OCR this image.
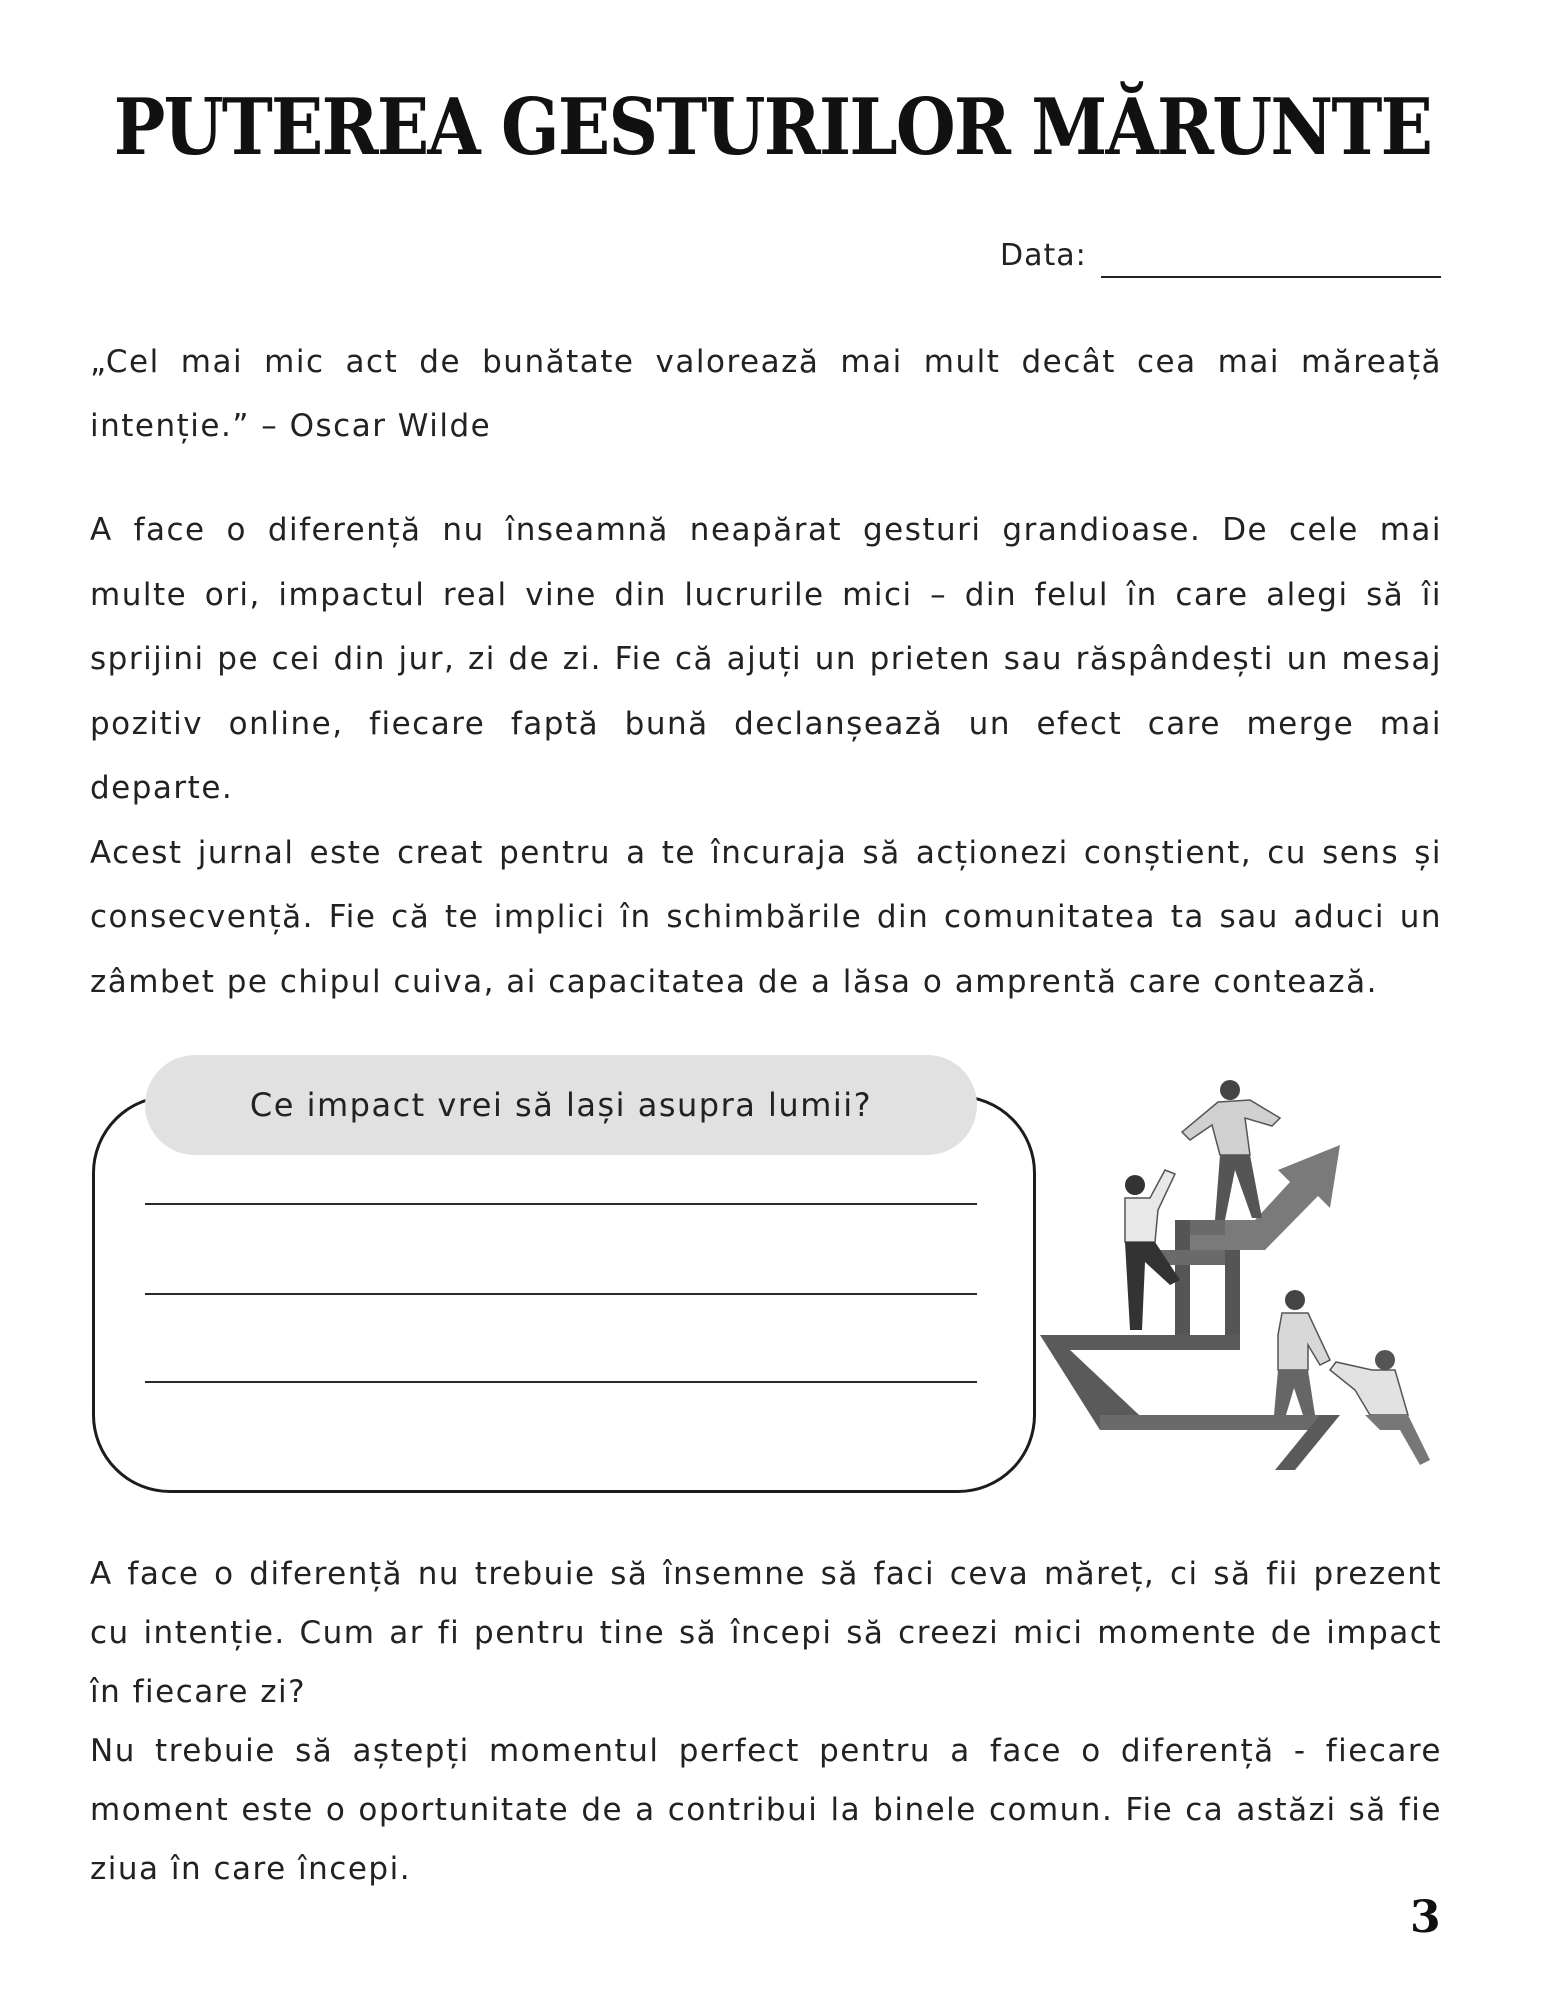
PUTEREA GESTURILOR MĂRUNTE
Data:
„Cel mai mic act de bunătate valorează mai mult decât cea mai măreață intenție.” – Oscar Wilde
A face o diferență nu înseamnă neapărat gesturi grandioase. De cele mai multe ori, impactul real vine din lucrurile mici – din felul în care alegi să îi sprijini pe cei din jur, zi de zi. Fie că ajuți un prieten sau răspândești un mesaj pozitiv online, fiecare faptă bună declanșează un efect care merge mai departe.
Acest jurnal este creat pentru a te încuraja să acționezi conștient, cu sens și consecvență. Fie că te implici în schimbările din comunitatea ta sau aduci un zâmbet pe chipul cuiva, ai capacitatea de a lăsa o amprentă care contează.
Ce impact vrei să lași asupra lumii?
A face o diferență nu trebuie să însemne să faci ceva măreț, ci să fii prezent cu intenție. Cum ar fi pentru tine să începi să creezi mici momente de impact în fiecare zi?
Nu trebuie să aștepți momentul perfect pentru a face o diferență - fiecare moment este o oportunitate de a contribui la binele comun. Fie ca astăzi să fie ziua în care începi.
3
